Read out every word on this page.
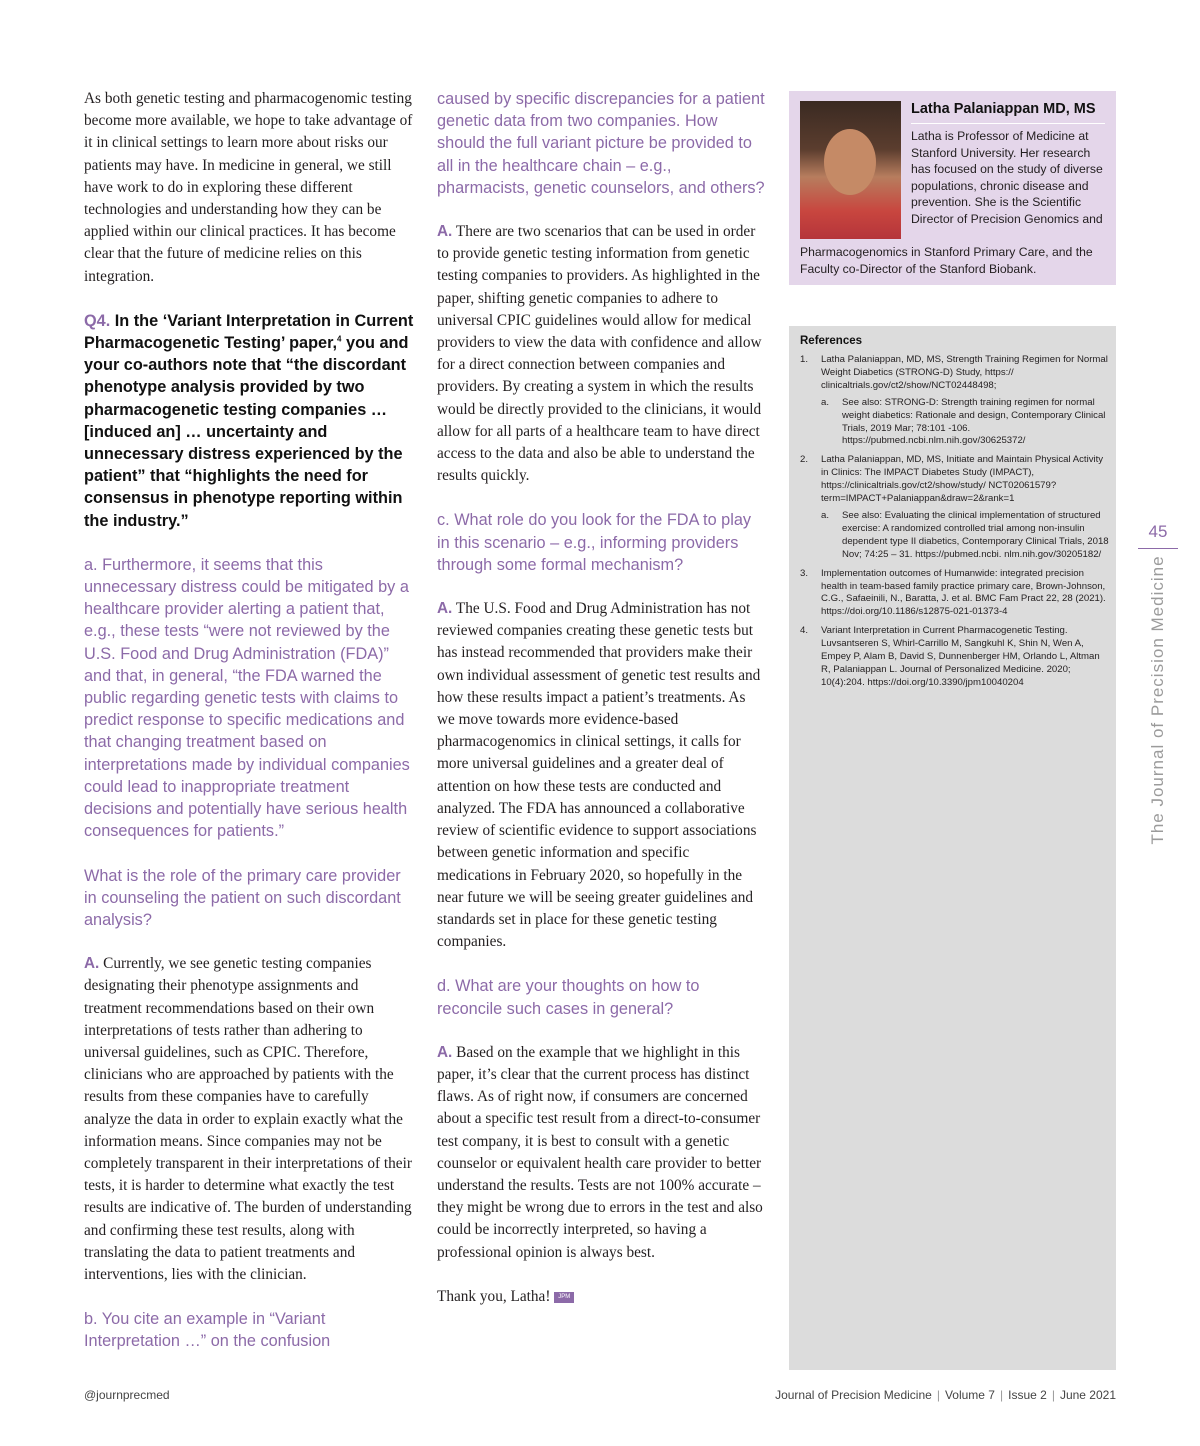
As both genetic testing and pharmacogenomic testing become more available, we hope to take advantage of it in clinical settings to learn more about risks our patients may have. In medicine in general, we still have work to do in exploring these different technologies and understanding how they can be applied within our clinical practices. It has become clear that the future of medicine relies on this integration.

Q4. In the ‘Variant Interpretation in Current Pharmacogenetic Testing’ paper,$^4$ you and your co-authors note that “the discordant phenotype analysis provided by two pharmacogenetic testing companies … [induced an] … uncertainty and unnecessary distress experienced by the patient” that “highlights the need for consensus in phenotype reporting within the industry.”

a. Furthermore, it seems that this unnecessary distress could be mitigated by a healthcare provider alerting a patient that, e.g., these tests “were not reviewed by the U.S. Food and Drug Administration (FDA)” and that, in general, “the FDA warned the public regarding genetic tests with claims to predict response to specific medications and that changing treatment based on interpretations made by individual companies could lead to inappropriate treatment decisions and potentially have serious health consequences for patients.”

What is the role of the primary care provider in counseling the patient on such discordant analysis?

A. Currently, we see genetic testing companies designating their phenotype assignments and treatment recommendations based on their own interpretations of tests rather than adhering to universal guidelines, such as CPIC. Therefore, clinicians who are approached by patients with the results from these companies have to carefully analyze the data in order to explain exactly what the information means. Since companies may not be completely transparent in their interpretations of their tests, it is harder to determine what exactly the test results are indicative of. The burden of understanding and confirming these test results, along with translating the data to patient treatments and interventions, lies with the clinician.

b. You cite an example in “Variant Interpretation …” on the confusion

caused by specific discrepancies for a patient genetic data from two companies. How should the full variant picture be provided to all in the healthcare chain – e.g., pharmacists, genetic counselors, and others?

A. There are two scenarios that can be used in order to provide genetic testing information from genetic testing companies to providers. As highlighted in the paper, shifting genetic companies to adhere to universal CPIC guidelines would allow for medical providers to view the data with confidence and allow for a direct connection between companies and providers. By creating a system in which the results would be directly provided to the clinicians, it would allow for all parts of a healthcare team to have direct access to the data and also be able to understand the results quickly.

c. What role do you look for the FDA to play in this scenario – e.g., informing providers through some formal mechanism?

A. The U.S. Food and Drug Administration has not reviewed companies creating these genetic tests but has instead recommended that providers make their own individual assessment of genetic test results and how these results impact a patient’s treatments. As we move towards more evidence-based pharmacogenomics in clinical settings, it calls for more universal guidelines and a greater deal of attention on how these tests are conducted and analyzed. The FDA has announced a collaborative review of scientific evidence to support associations between genetic information and specific medications in February 2020, so hopefully in the near future we will be seeing greater guidelines and standards set in place for these genetic testing companies.

d. What are your thoughts on how to reconcile such cases in general?

A. Based on the example that we highlight in this paper, it’s clear that the current process has distinct flaws. As of right now, if consumers are concerned about a specific test result from a direct-to-consumer test company, it is best to consult with a genetic counselor or equivalent health care provider to better understand the results. Tests are not 100% accurate – they might be wrong due to errors in the test and also could be incorrectly interpreted, so having a professional opinion is always best.

Thank you, Latha! JPM

Latha Palaniappan MD, MS
Latha is Professor of Medicine at Stanford University. Her research has focused on the study of diverse populations, chronic disease and prevention. She is the Scientific Director of Precision Genomics and
Pharmacogenomics in Stanford Primary Care, and the Faculty co-Director of the Stanford Biobank.
References
1. Latha Palaniappan, MD, MS, Strength Training Regimen for Normal Weight Diabetics (STRONG-D) Study, https:// clinicaltrials.gov/ct2/show/NCT02448498;
a. See also: STRONG-D: Strength training regimen for normal weight diabetics: Rationale and design, Contemporary Clinical Trials, 2019 Mar; 78:101 -106. https://pubmed.ncbi.nlm.nih.gov/30625372/
2. Latha Palaniappan, MD, MS, Initiate and Maintain Physical Activity in Clinics: The IMPACT Diabetes Study (IMPACT), https://clinicaltrials.gov/ct2/show/study/ NCT02061579?term=IMPACT+Palaniappan&draw=2&rank=1
a. See also: Evaluating the clinical implementation of structured exercise: A randomized controlled trial among non-insulin dependent type II diabetics, Contemporary Clinical Trials, 2018 Nov; 74:25 – 31. https://pubmed.ncbi. nlm.nih.gov/30205182/
3. Implementation outcomes of Humanwide: integrated precision health in team-based family practice primary care, Brown-Johnson, C.G., Safaeinili, N., Baratta, J. et al. BMC Fam Pract 22, 28 (2021). https://doi.org/10.1186/s12875-021-01373-4
4. Variant Interpretation in Current Pharmacogenetic Testing. Luvsantseren S, Whirl-Carrillo M, Sangkuhl K, Shin N, Wen A, Empey P, Alam B, David S, Dunnenberger HM, Orlando L, Altman R, Palaniappan L. Journal of Personalized Medicine. 2020; 10(4):204. https://doi.org/10.3390/jpm10040204
45
The Journal of Precision Medicine
@journprecmed	Journal of Precision Medicine | Volume 7 | Issue 2 | June 2021
